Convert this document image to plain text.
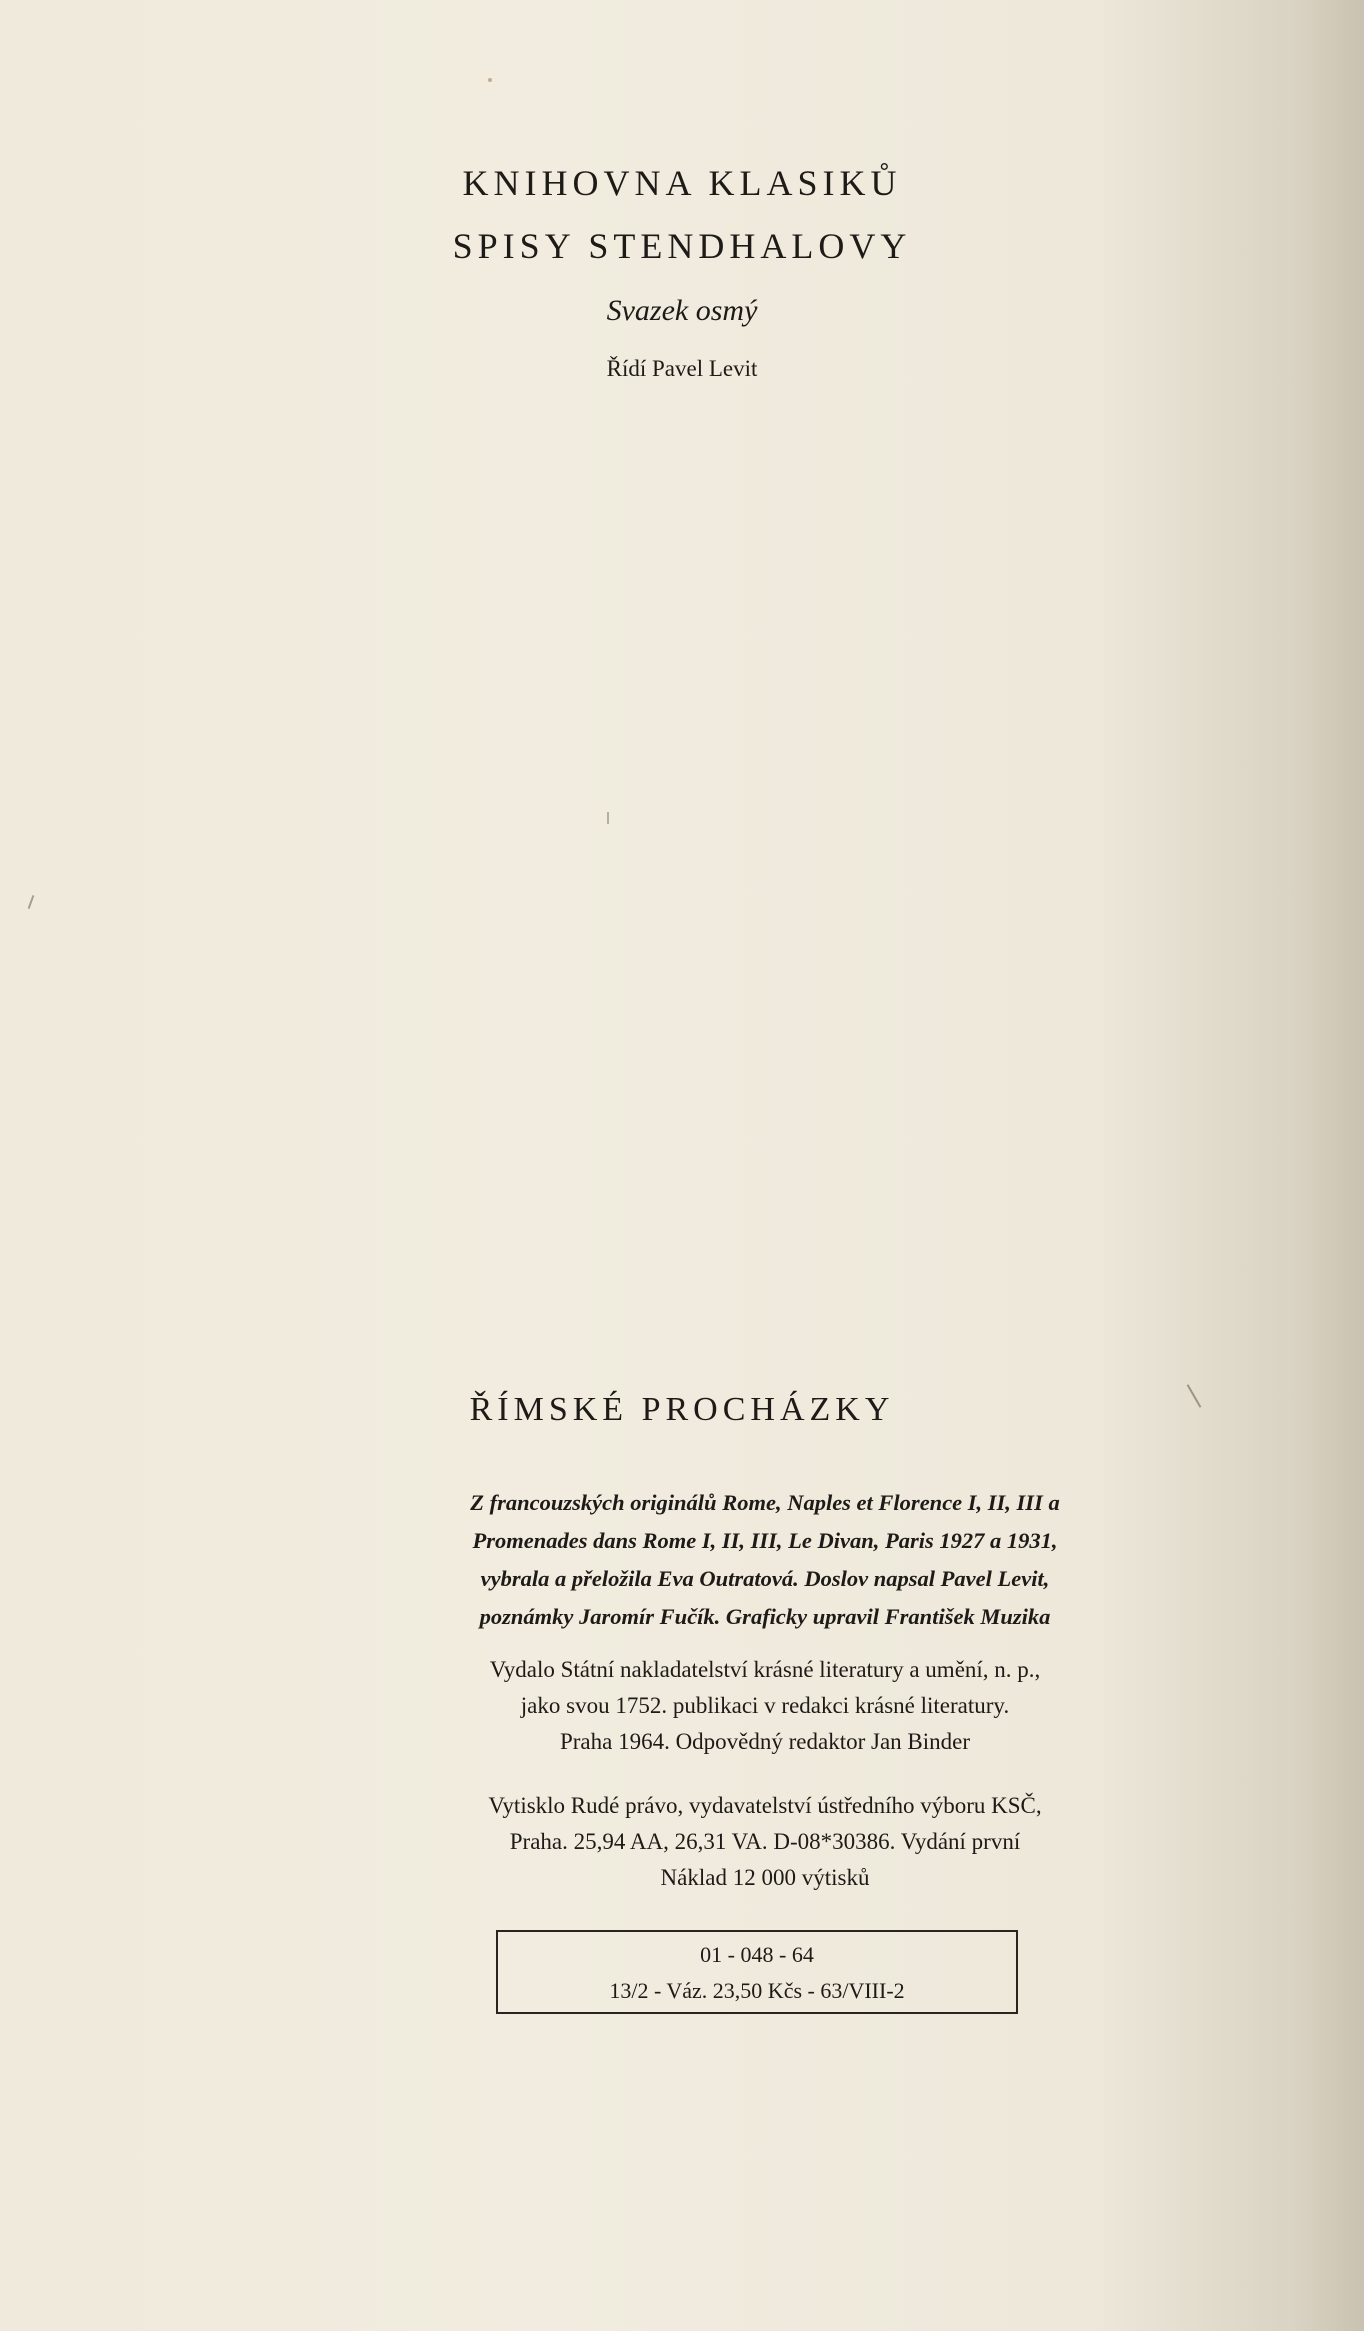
KNIHOVNA KLASIKŮ
SPISY STENDHALOVY
Svazek osmý
Řídí Pavel Levit
ŘÍMSKÉ PROCHÁZKY
Z francouzských originálů Rome, Naples et Florence I, II, III a
Promenades dans Rome I, II, III, Le Divan, Paris 1927 a 1931,
vybrala a přeložila Eva Outratová. Doslov napsal Pavel Levit,
poznámky Jaromír Fučík. Graficky upravil František Muzika
Vydalo Státní nakladatelství krásné literatury a umění, n. p.,
jako svou 1752. publikaci v redakci krásné literatury.
Praha 1964. Odpovědný redaktor Jan Binder
Vytisklo Rudé právo, vydavatelství ústředního výboru KSČ,
Praha. 25,94 AA, 26,31 VA. D-08*30386. Vydání první
Náklad 12 000 výtisků
01 - 048 - 64
13/2 - Váz. 23,50 Kčs - 63/VIII-2
